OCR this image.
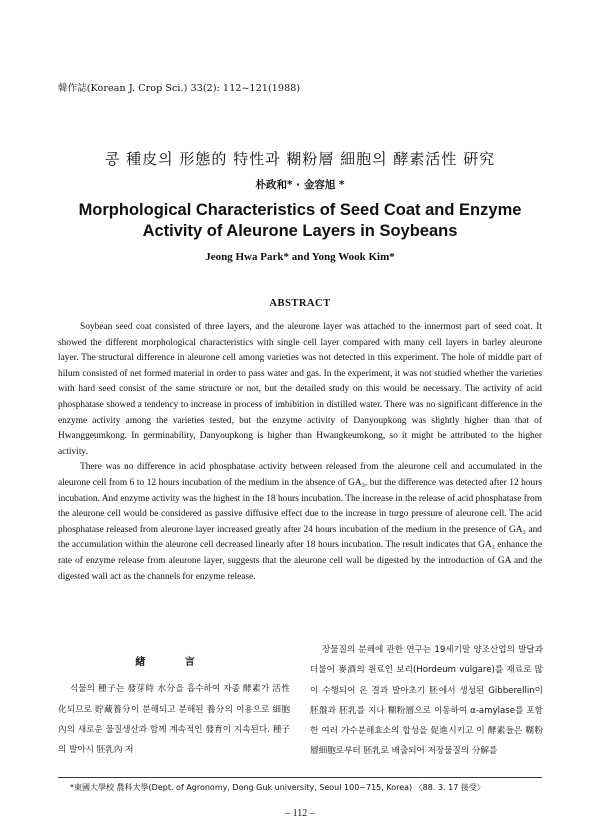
韓作誌(Korean J. Crop Sci.) 33(2): 112~121(1988)
콩 種皮의 形態的 特性과 糊粉層 細胞의 酵素活性 硏究
朴政和* · 金容旭 *
Morphological Characteristics of Seed Coat and Enzyme
Activity of Aleurone Layers in Soybeans
Jeong Hwa Park* and Yong Wook Kim*
ABSTRACT

Soybean seed coat consisted of three layers, and the aleurone layer was attached to the innermost part of seed coat. It showed the different morphological characteristics with single cell layer compared with many cell layers in barley aleurone layer. The structural difference in aleurone cell among varieties was not detected in this experiment. The hole of middle part of hilum consisted of net formed material in order to pass water and gas. In the experiment, it was not studied whether the varieties with hard seed consist of the same structure or not, but the detailed study on this would be necessary. The activity of acid phosphatase showed a tendency to increase in process of imbibition in distilled water. There was no significant difference in the enzyme activity among the varieties tested, but the enzyme activity of Danyoupkong was slightly higher than that of Hwanggeumkong. In germinability, Danyoupkong is higher than Hwangkeumkong, so it might be attributed to the higher activity.

There was no difference in acid phosphatase activity between released from the aleurone cell and accumulated in the aleurone cell from 6 to 12 hours incubation of the medium in the absence of GA₃, but the difference was detected after 12 hours incubation. And enzyme activity was the highest in the 18 hours incubation. The increase in the release of acid phosphatase from the aleurone cell would be considered as passive diffusive effect due to the increase in turgo pressure of aleurone cell. The acid phosphatase released from aleurone layer increased greatly after 24 hours incubation of the medium in the presence of GA₃ and the accumulation within the aleurone cell decreased linearly after 18 hours incubation. The result indicates that GA₃ enhance the rate of enzyme release from aleurone layer, suggests that the aleurone cell wall be digested by the introduction of GA and the digested wall act as the channels for enzyme release.

緖 言

식물의 種子는 發芽時 水分을 흡수하여 자종 酵素가 活性化되므로 貯藏養分이 분해되고 분해된 養分의 이용으로 細胞內의 새로운 물질생산과 함께 계속적인 發育이 지속된다. 種子의 발아시 胚乳內 저

장물질의 분해에 관한 연구는 19세기말 양조산업의 발달과 더불어 麥酒의 원료인 보리(Hordeum vulgare)를 재료로 많이 수행되어 온 결과 발아초기 胚에서 생성된 Gibberellin이 胚盤과 胚乳를 지나 糊粉層으로 이동하여 α-amylase를 포함한 여러 가수분해효소의 합성을 促進시키고 이 酵素들은 糊粉層細胞로부터 胚乳로 배출되어 저장물질의 分解를

*東國大學校 農科大學(Dept. of Agronomy, Dong Guk university, Seoul 100−715, Korea) 〈88. 3. 17 接受〉
– 112 –
